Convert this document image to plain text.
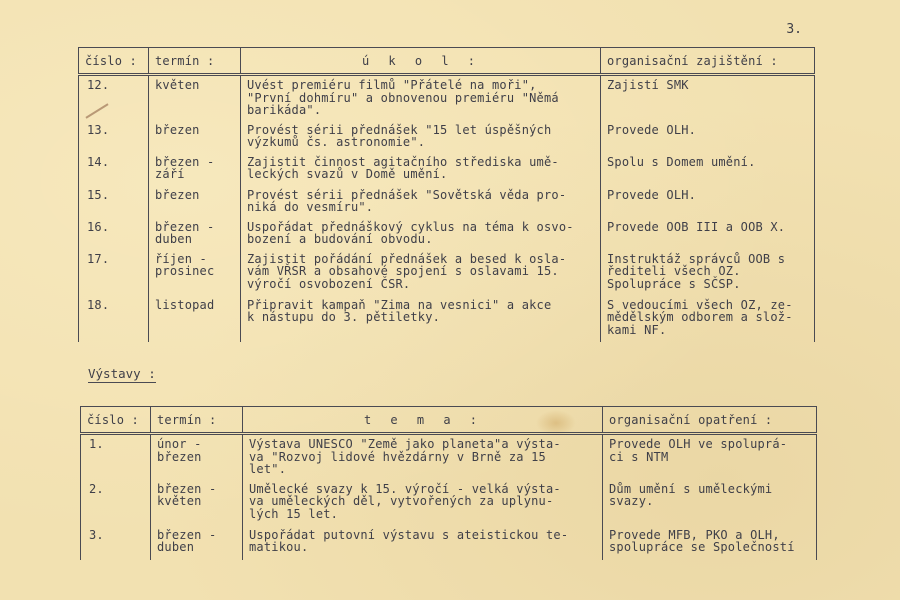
3.
číslo :	termín :	ú k o l :	organisační zajištění :
12.	květen	Uvést premiéru filmů "Přátelé na moři",
"První dohmíru" a obnovenou premiéru "Němá
barikáda".	Zajistí SMK
13.	březen	Provést sérii přednášek "15 let úspěšných
výzkumů čs. astronomie".	Provede OLH.
14.	březen -
září	Zajistit činnost agitačního střediska umě-
leckých svazů v Domě umění.	Spolu s Domem umění.
15.	březen	Provést sérii přednášek "Sovětská věda pro-
niká do vesmíru".	Provede OLH.
16.	březen -
duben	Uspořádat přednáškový cyklus na téma k osvo-
bození a budování obvodu.	Provede OOB III a OOB X.
17.	říjen -
prosinec	Zajistit pořádání přednášek a besed k osla-
vám VŘSR a obsahové spojení s oslavami 15.
výročí osvobození ČSR.	Instruktáž správců OOB s
řediteli všech OZ.
Spolupráce s SČSP.
18.	listopad	Připravit kampaň "Zima na vesnici" a akce
k nástupu do 3. pětiletky.	S vedoucími všech OZ, ze-
mědělským odborem a slož-
kami NF.
Výstavy :
číslo :	termín :	t e m a :	organisační opatření :
1.	únor -
březen	Výstava UNESCO "Země jako planeta"a výsta-
va "Rozvoj lidové hvězdárny v Brně za 15
let".	Provede OLH ve spoluprá-
ci s NTM
2.	březen -
květen	Umělecké svazy k 15. výročí - velká výsta-
va uměleckých děl, vytvořených za uplynu-
lých 15 let.	Dům umění s uměleckými
svazy.
3.	březen -
duben	Uspořádat putovní výstavu s ateistickou te-
matikou.	Provede MFB, PKO a OLH,
spolupráce se Společností
